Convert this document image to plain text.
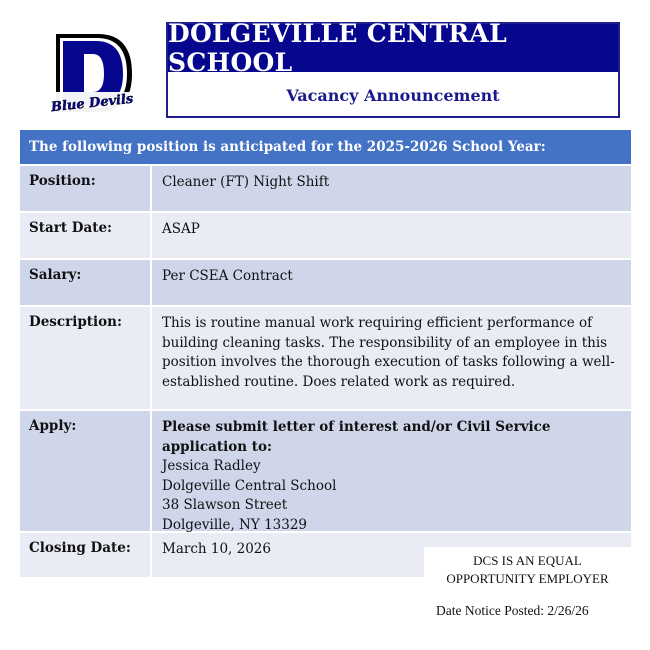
Blue Devils
DOLGEVILLE CENTRAL SCHOOL
Vacancy Announcement
The following position is anticipated for the 2025-2026 School Year:
Position:	Cleaner (FT) Night Shift
Start Date:	ASAP
Salary:	Per CSEA Contract
Description:	This is routine manual work requiring efficient performance of building cleaning tasks. The responsibility of an employee in this position involves the thorough execution of tasks following a well-established routine. Does related work as required.
Apply:	Please submit letter of interest and/or Civil Service application to:
Jessica Radley
Dolgeville Central School
38 Slawson Street
Dolgeville, NY 13329
Closing Date:	March 10, 2026
DCS IS AN EQUAL
OPPORTUNITY EMPLOYER
Date Notice Posted: 2/26/26
